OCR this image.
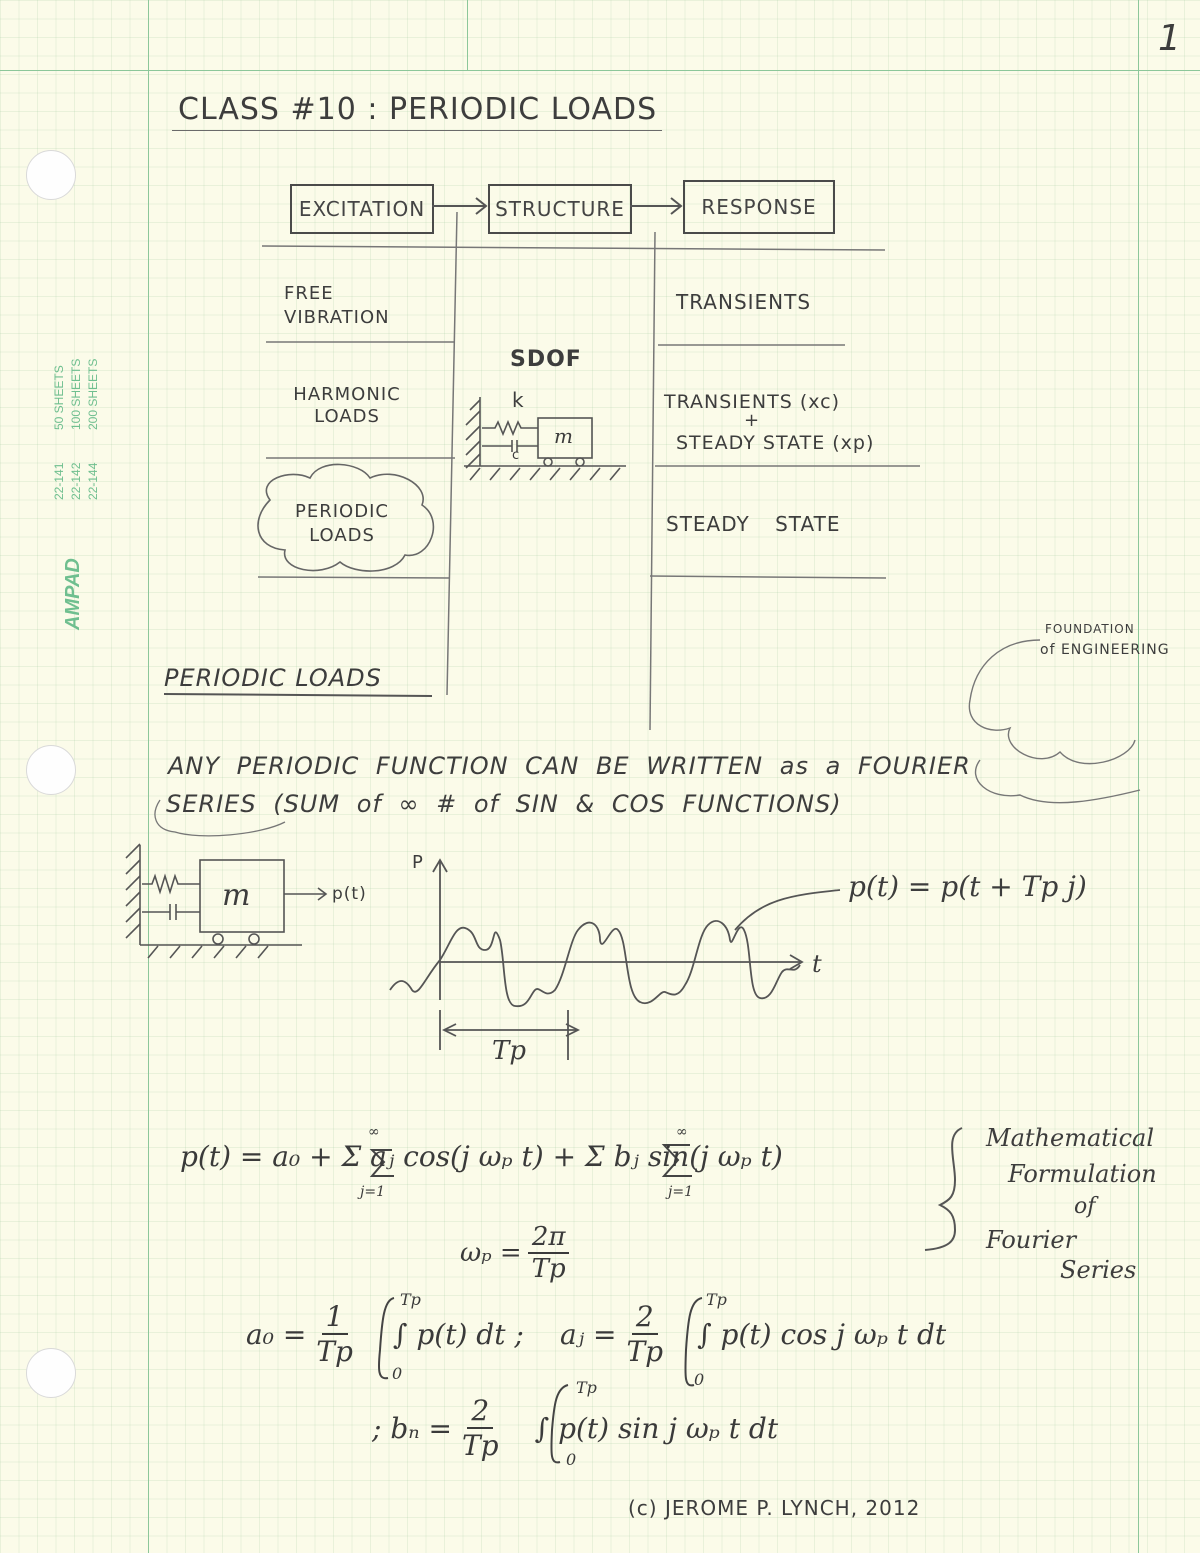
AMPAD
22-141 22-142 22-144
50 SHEETS 100 SHEETS 200 SHEETS
1
CLASS #10 : PERIODIC LOADS
EXCITATION	STRUCTURE	RESPONSE
FREE VIBRATION
TRANSIENTS
SDOF
k
c
m
HARMONIC LOADS
TRANSIENTS (xc)
+
STEADY STATE (xp)
PERIODIC LOADS	STEADY STATE
FOUNDATION
of ENGINEERING
PERIODIC LOADS
ANY PERIODIC FUNCTION CAN BE WRITTEN as a FOURIER
SERIES (SUM of ∞ # of SIN & COS FUNCTIONS)
m	p(t)
P
t
Tp
p(t) = p(t + Tp j)
p(t) = a₀ + Σ aⱼ cos(j ωₚ t) + Σ bⱼ sin(j ωₚ t)
j=1
∞
j=1
∞
$\omega_p = \frac{2\pi}{Tp}$
$a_0 = \frac{1}{Tp}$ ∫ p(t) dt ;
Tp
0
aⱼ = $\frac{2}{Tp}$ ∫ p(t) cos j ωₚ t dt
Tp
0
; $b_n = \frac{2}{Tp}$ ∫ p(t) sin j ωₚ t dt
Tp
0
Mathematical
Formulation
of
Fourier
Series
(c) JEROME P. LYNCH, 2012
